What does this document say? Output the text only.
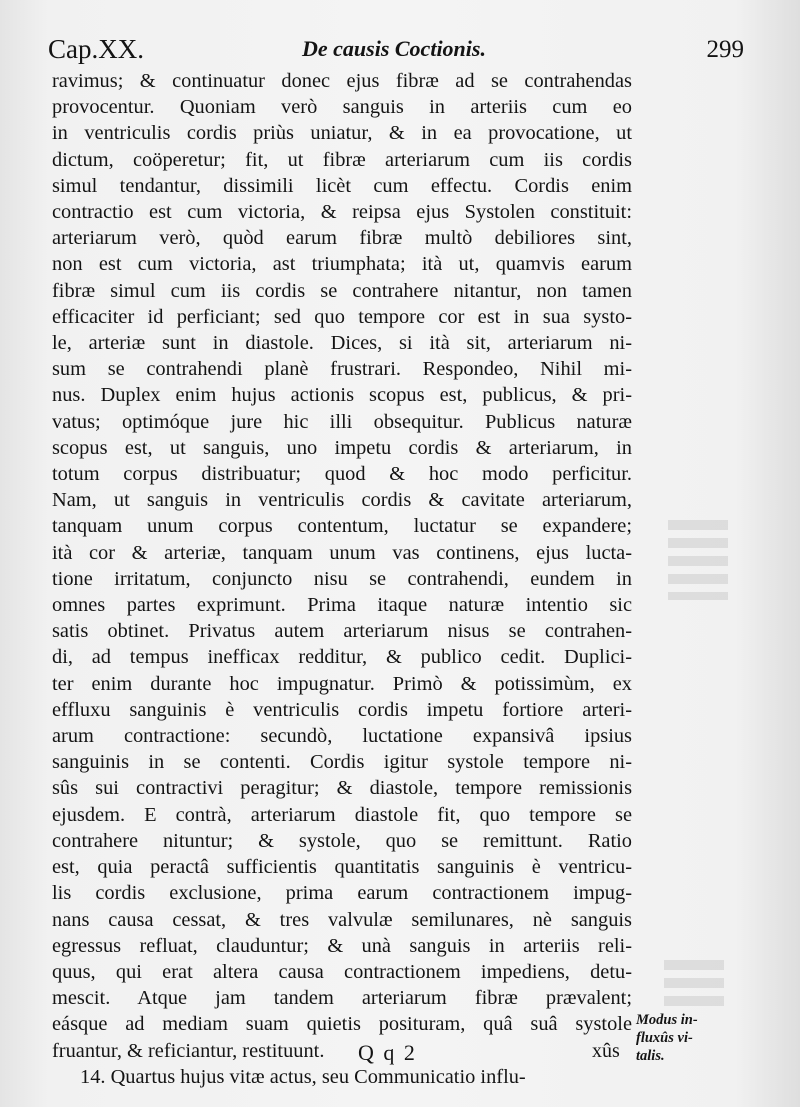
Cap.XX.	De causis Coctionis.	299
ravimus; & continuatur donec ejus fibræ ad se contrahendas
provocentur. Quoniam verò sanguis in arteriis cum eo
in ventriculis cordis priùs uniatur, & in ea provocatione, ut
dictum, coöperetur; fit, ut fibræ arteriarum cum iis cordis
simul tendantur, dissimili licèt cum effectu. Cordis enim
contractio est cum victoria, & reipsa ejus Systolen constituit:
arteriarum verò, quòd earum fibræ multò debiliores sint,
non est cum victoria, ast triumphata; ità ut, quamvis earum
fibræ simul cum iis cordis se contrahere nitantur, non tamen
efficaciter id perficiant; sed quo tempore cor est in sua systo-
le, arteriæ sunt in diastole. Dices, si ità sit, arteriarum ni-
sum se contrahendi planè frustrari. Respondeo, Nihil mi-
nus. Duplex enim hujus actionis scopus est, publicus, & pri-
vatus; optimóque jure hic illi obsequitur. Publicus naturæ
scopus est, ut sanguis, uno impetu cordis & arteriarum, in
totum corpus distribuatur; quod & hoc modo perficitur.
Nam, ut sanguis in ventriculis cordis & cavitate arteriarum,
tanquam unum corpus contentum, luctatur se expandere;
ità cor & arteriæ, tanquam unum vas continens, ejus lucta-
tione irritatum, conjuncto nisu se contrahendi, eundem in
omnes partes exprimunt. Prima itaque naturæ intentio sic
satis obtinet. Privatus autem arteriarum nisus se contrahen-
di, ad tempus inefficax redditur, & publico cedit. Duplici-
ter enim durante hoc impugnatur. Primò & potissimùm, ex
effluxu sanguinis è ventriculis cordis impetu fortiore arteri-
arum contractione: secundò, luctatione expansivâ ipsius
sanguinis in se contenti. Cordis igitur systole tempore ni-
sûs sui contractivi peragitur; & diastole, tempore remissionis
ejusdem. E contrà, arteriarum diastole fit, quo tempore se
contrahere nituntur; & systole, quo se remittunt. Ratio
est, quia peractâ sufficientis quantitatis sanguinis è ventricu-
lis cordis exclusione, prima earum contractionem impug-
nans causa cessat, & tres valvulæ semilunares, nè sanguis
egressus refluat, clauduntur; & unà sanguis in arteriis reli-
quus, qui erat altera causa contractionem impediens, detu-
mescit. Atque jam tandem arteriarum fibræ prævalent;
eásque ad mediam suam quietis posituram, quâ suâ systole
fruantur, & reficiantur, restituunt.
14. Quartus hujus vitæ actus, seu Communicatio influ-
Modus in-
fluxûs vi-
talis.
Q q 2	xûs
